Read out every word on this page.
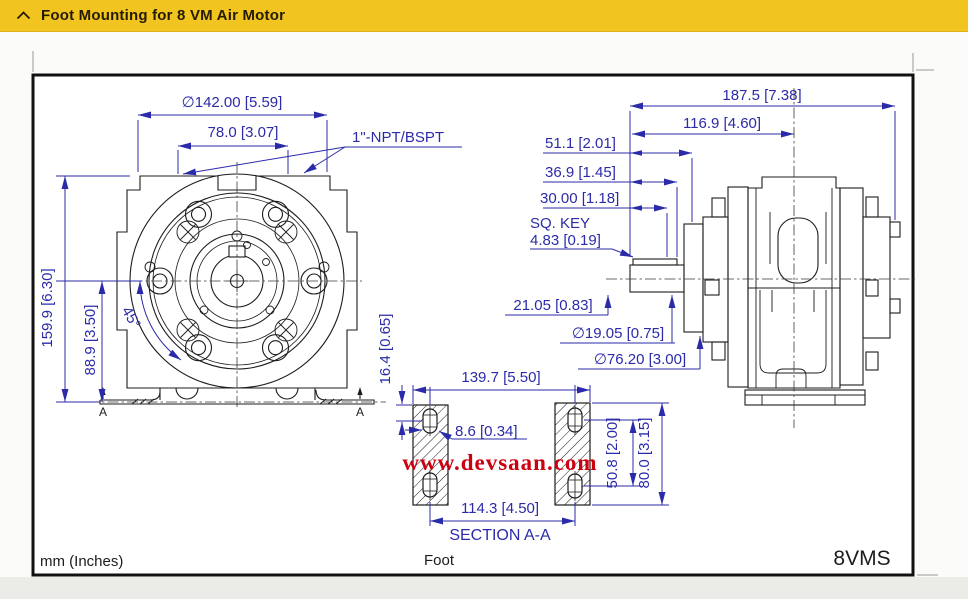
Foot Mounting for 8 VM Air Motor
A	A
∅142.00 [5.59]
78.0 [3.07]	1"-NPT/BSPT
159.9 [6.30] 88.9 [3.50] 45°
187.5 [7.38]
116.9 [4.60]
51.1 [2.01]
36.9 [1.45]
30.00 [1.18]
SQ. KEY
4.83 [0.19]
21.05 [0.83]
∅19.05 [0.75]
∅76.20 [3.00]
16.4 [0.65]	139.7 [5.50]
8.6 [0.34]
114.3 [4.50]
SECTION A-A
50.8 [2.00] 80.0 [3.15]
www.devsaan.com
mm (Inches)	Foot	8VMS
